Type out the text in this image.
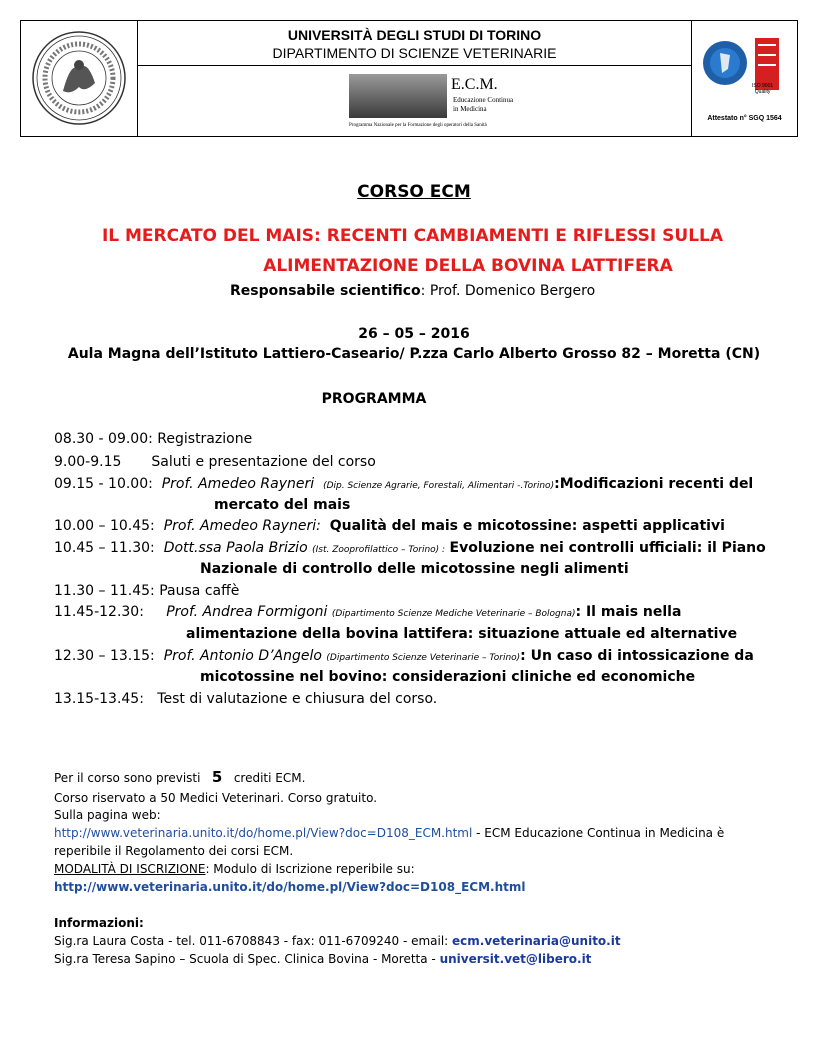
UNIVERSITÀ DEGLI STUDI DI TORINO
DIPARTIMENTO DI SCIENZE VETERINARIE
E.C.M.
Educazione Continua
in Medicina
Programma Nazionale per la Formazione degli operatori della Sanità
ISO 9001
Quality
Attestato n° SGQ 1564
CORSO ECM
IL MERCATO DEL MAIS: RECENTI CAMBIAMENTI E RIFLESSI SULLA
ALIMENTAZIONE DELLA BOVINA LATTIFERA
Responsabile scientifico: Prof. Domenico Bergero
26 – 05 – 2016
Aula Magna dell’Istituto Lattiero-Caseario/ P.zza Carlo Alberto Grosso 82 – Moretta (CN)
PROGRAMMA
08.30 - 09.00: Registrazione
9.00-9.15 Saluti e presentazione del corso
09.15 - 10.00: Prof. Amedeo Rayneri (Dip. Scienze Agrarie, Forestali, Alimentari -.Torino):Modificazioni recenti del
mercato del mais
10.00 – 10.45: Prof. Amedeo Rayneri: Qualità del mais e micotossine: aspetti applicativi
10.45 – 11.30: Dott.ssa Paola Brizio (Ist. Zooprofilattico – Torino) : Evoluzione nei controlli ufficiali: il Piano
Nazionale di controllo delle micotossine negli alimenti
11.30 – 11.45: Pausa caffè
11.45-12.30: Prof. Andrea Formigoni (Dipartimento Scienze Mediche Veterinarie – Bologna): Il mais nella
alimentazione della bovina lattifera: situazione attuale ed alternative
12.30 – 13.15: Prof. Antonio D’Angelo (Dipartimento Scienze Veterinarie – Torino): Un caso di intossicazione da
micotossine nel bovino: considerazioni cliniche ed economiche
13.15-13.45: Test di valutazione e chiusura del corso.
Per il corso sono previsti 5 crediti ECM.
Corso riservato a 50 Medici Veterinari. Corso gratuito.
Sulla pagina web:
http://www.veterinaria.unito.it/do/home.pl/View?doc=D108_ECM.html - ECM Educazione Continua in Medicina è
reperibile il Regolamento dei corsi ECM.
MODALITÀ DI ISCRIZIONE: Modulo di Iscrizione reperibile su:
http://www.veterinaria.unito.it/do/home.pl/View?doc=D108_ECM.html
Informazioni:
Sig.ra Laura Costa - tel. 011-6708843 - fax: 011-6709240 - email: ecm.veterinaria@unito.it
Sig.ra Teresa Sapino – Scuola di Spec. Clinica Bovina - Moretta - universit.vet@libero.it
